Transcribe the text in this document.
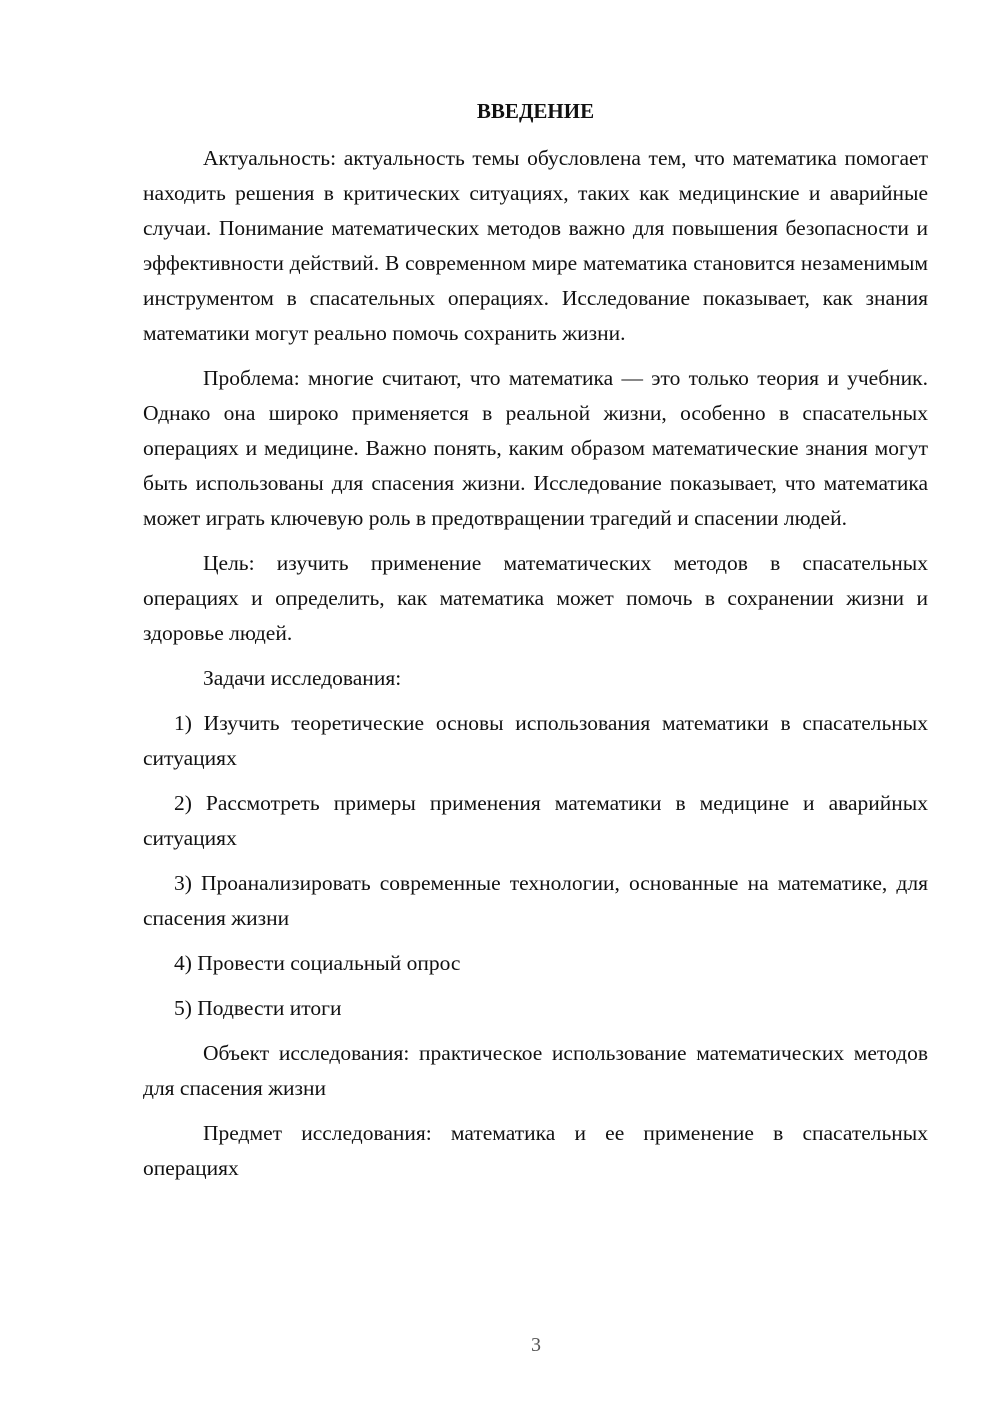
ВВЕДЕНИЕ

Актуальность: актуальность темы обусловлена тем, что математика помогает находить решения в критических ситуациях, таких как медицинские и аварийные случаи. Понимание математических методов важно для повышения безопасности и эффективности действий. В современном мире математика становится незаменимым инструментом в спасательных операциях. Исследование показывает, как знания математики могут реально помочь сохранить жизни.

Проблема: многие считают, что математика — это только теория и учебник. Однако она широко применяется в реальной жизни, особенно в спасательных операциях и медицине. Важно понять, каким образом математические знания могут быть использованы для спасения жизни. Исследование показывает, что математика может играть ключевую роль в предотвращении трагедий и спасении людей.

Цель: изучить применение математических методов в спасательных операциях и определить, как математика может помочь в сохранении жизни и здоровье людей.

Задачи исследования:

1) Изучить теоретические основы использования математики в спасательных ситуациях

2) Рассмотреть примеры применения математики в медицине и аварийных ситуациях

3) Проанализировать современные технологии, основанные на математике, для спасения жизни

4) Провести социальный опрос

5) Подвести итоги

Объект исследования: практическое использование математических методов для спасения жизни

Предмет исследования: математика и ее применение в спасательных операциях

3
